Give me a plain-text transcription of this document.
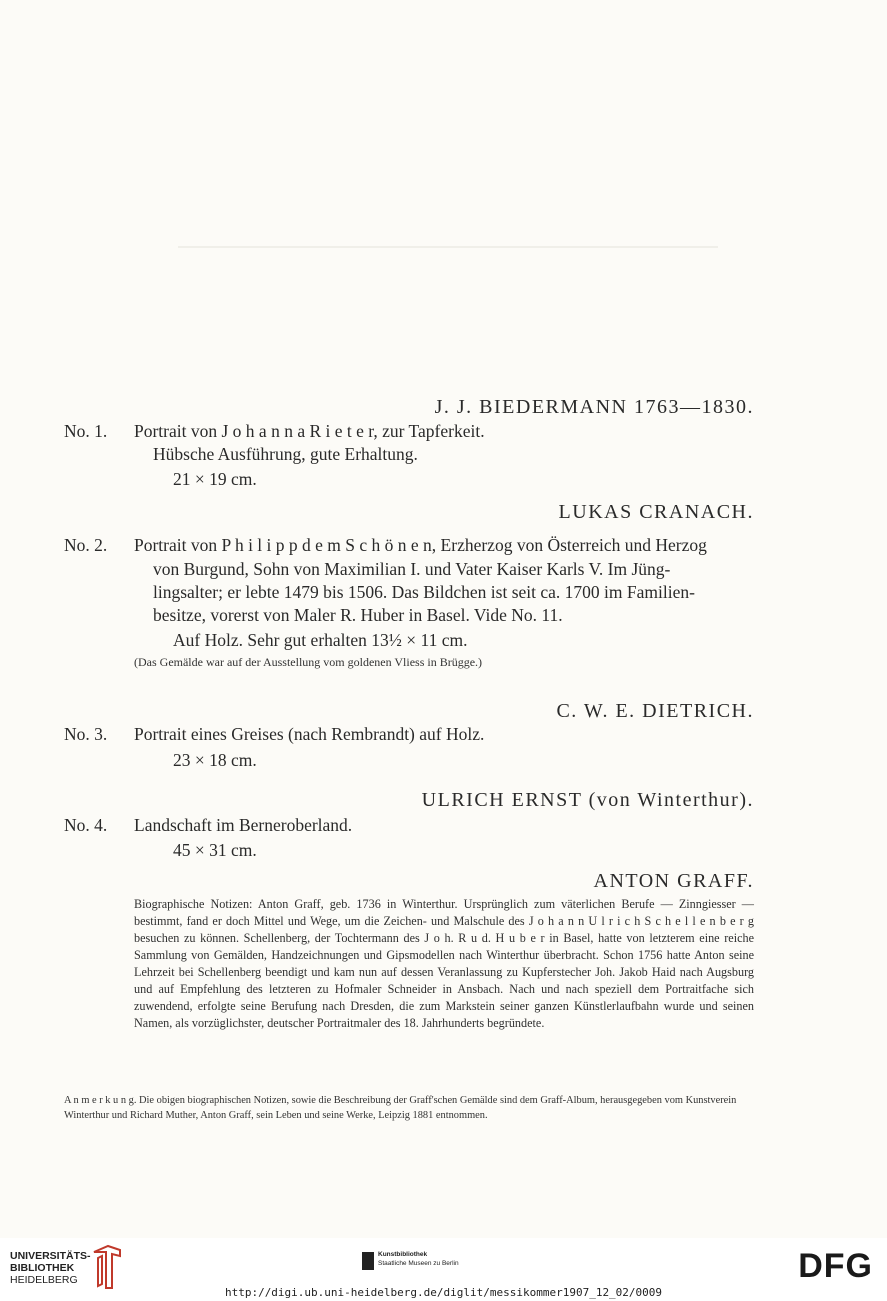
J. J. BIEDERMANN 1763—1830.
No. 1. Portrait von J o h a n n a R i e t e r, zur Tapferkeit.
Hübsche Ausführung, gute Erhaltung.
21 × 19 cm.
LUKAS CRANACH.
No. 2. Portrait von P h i l i p p d e m S c h ö n e n, Erzherzog von Österreich und Herzog
von Burgund, Sohn von Maximilian I. und Vater Kaiser Karls V. Im Jüng-
lingsalter; er lebte 1479 bis 1506. Das Bildchen ist seit ca. 1700 im Familien-
besitze, vorerst von Maler R. Huber in Basel. Vide No. 11.
Auf Holz. Sehr gut erhalten 13½ × 11 cm.
(Das Gemälde war auf der Ausstellung vom goldenen Vliess in Brügge.)
C. W. E. DIETRICH.
No. 3. Portrait eines Greises (nach Rembrandt) auf Holz.
23 × 18 cm.
ULRICH ERNST (von Winterthur).
No. 4. Landschaft im Berneroberland.
45 × 31 cm.
ANTON GRAFF.
Biographische Notizen: Anton Graff, geb. 1736 in Winterthur. Ursprünglich zum väterlichen Berufe — Zinngiesser — bestimmt, fand er doch Mittel und Wege, um die Zeichen- und Malschule des J o h a n n U l r i c h S c h e l l e n b e r g besuchen zu können. Schellenberg, der Tochtermann des J o h. R u d. H u b e r in Basel, hatte von letzterem eine reiche Sammlung von Gemälden, Handzeichnungen und Gipsmodellen nach Winterthur überbracht. Schon 1756 hatte Anton seine Lehrzeit bei Schellenberg beendigt und kam nun auf dessen Veranlassung zu Kupferstecher Joh. Jakob Haid nach Augsburg und auf Empfehlung des letzteren zu Hofmaler Schneider in Ansbach. Nach und nach speziell dem Portraitfache sich zuwendend, erfolgte seine Berufung nach Dresden, die zum Markstein seiner ganzen Künstlerlaufbahn wurde und seinen Namen, als vorzüglichster, deutscher Portraitmaler des 18. Jahrhunderts begründete.
A n m e r k u n g. Die obigen biographischen Notizen, sowie die Beschreibung der Graff'schen Gemälde sind dem Graff-Album, herausgegeben vom Kunstverein Winterthur und Richard Muther, Anton Graff, sein Leben und seine Werke, Leipzig 1881 entnommen.
UNIVERSITÄTS-
BIBLIOTHEK
HEIDELBERG
Kunstbibliothek
Staatliche Museen zu Berlin	DFG
http://digi.ub.uni-heidelberg.de/diglit/messikommer1907_12_02/0009
